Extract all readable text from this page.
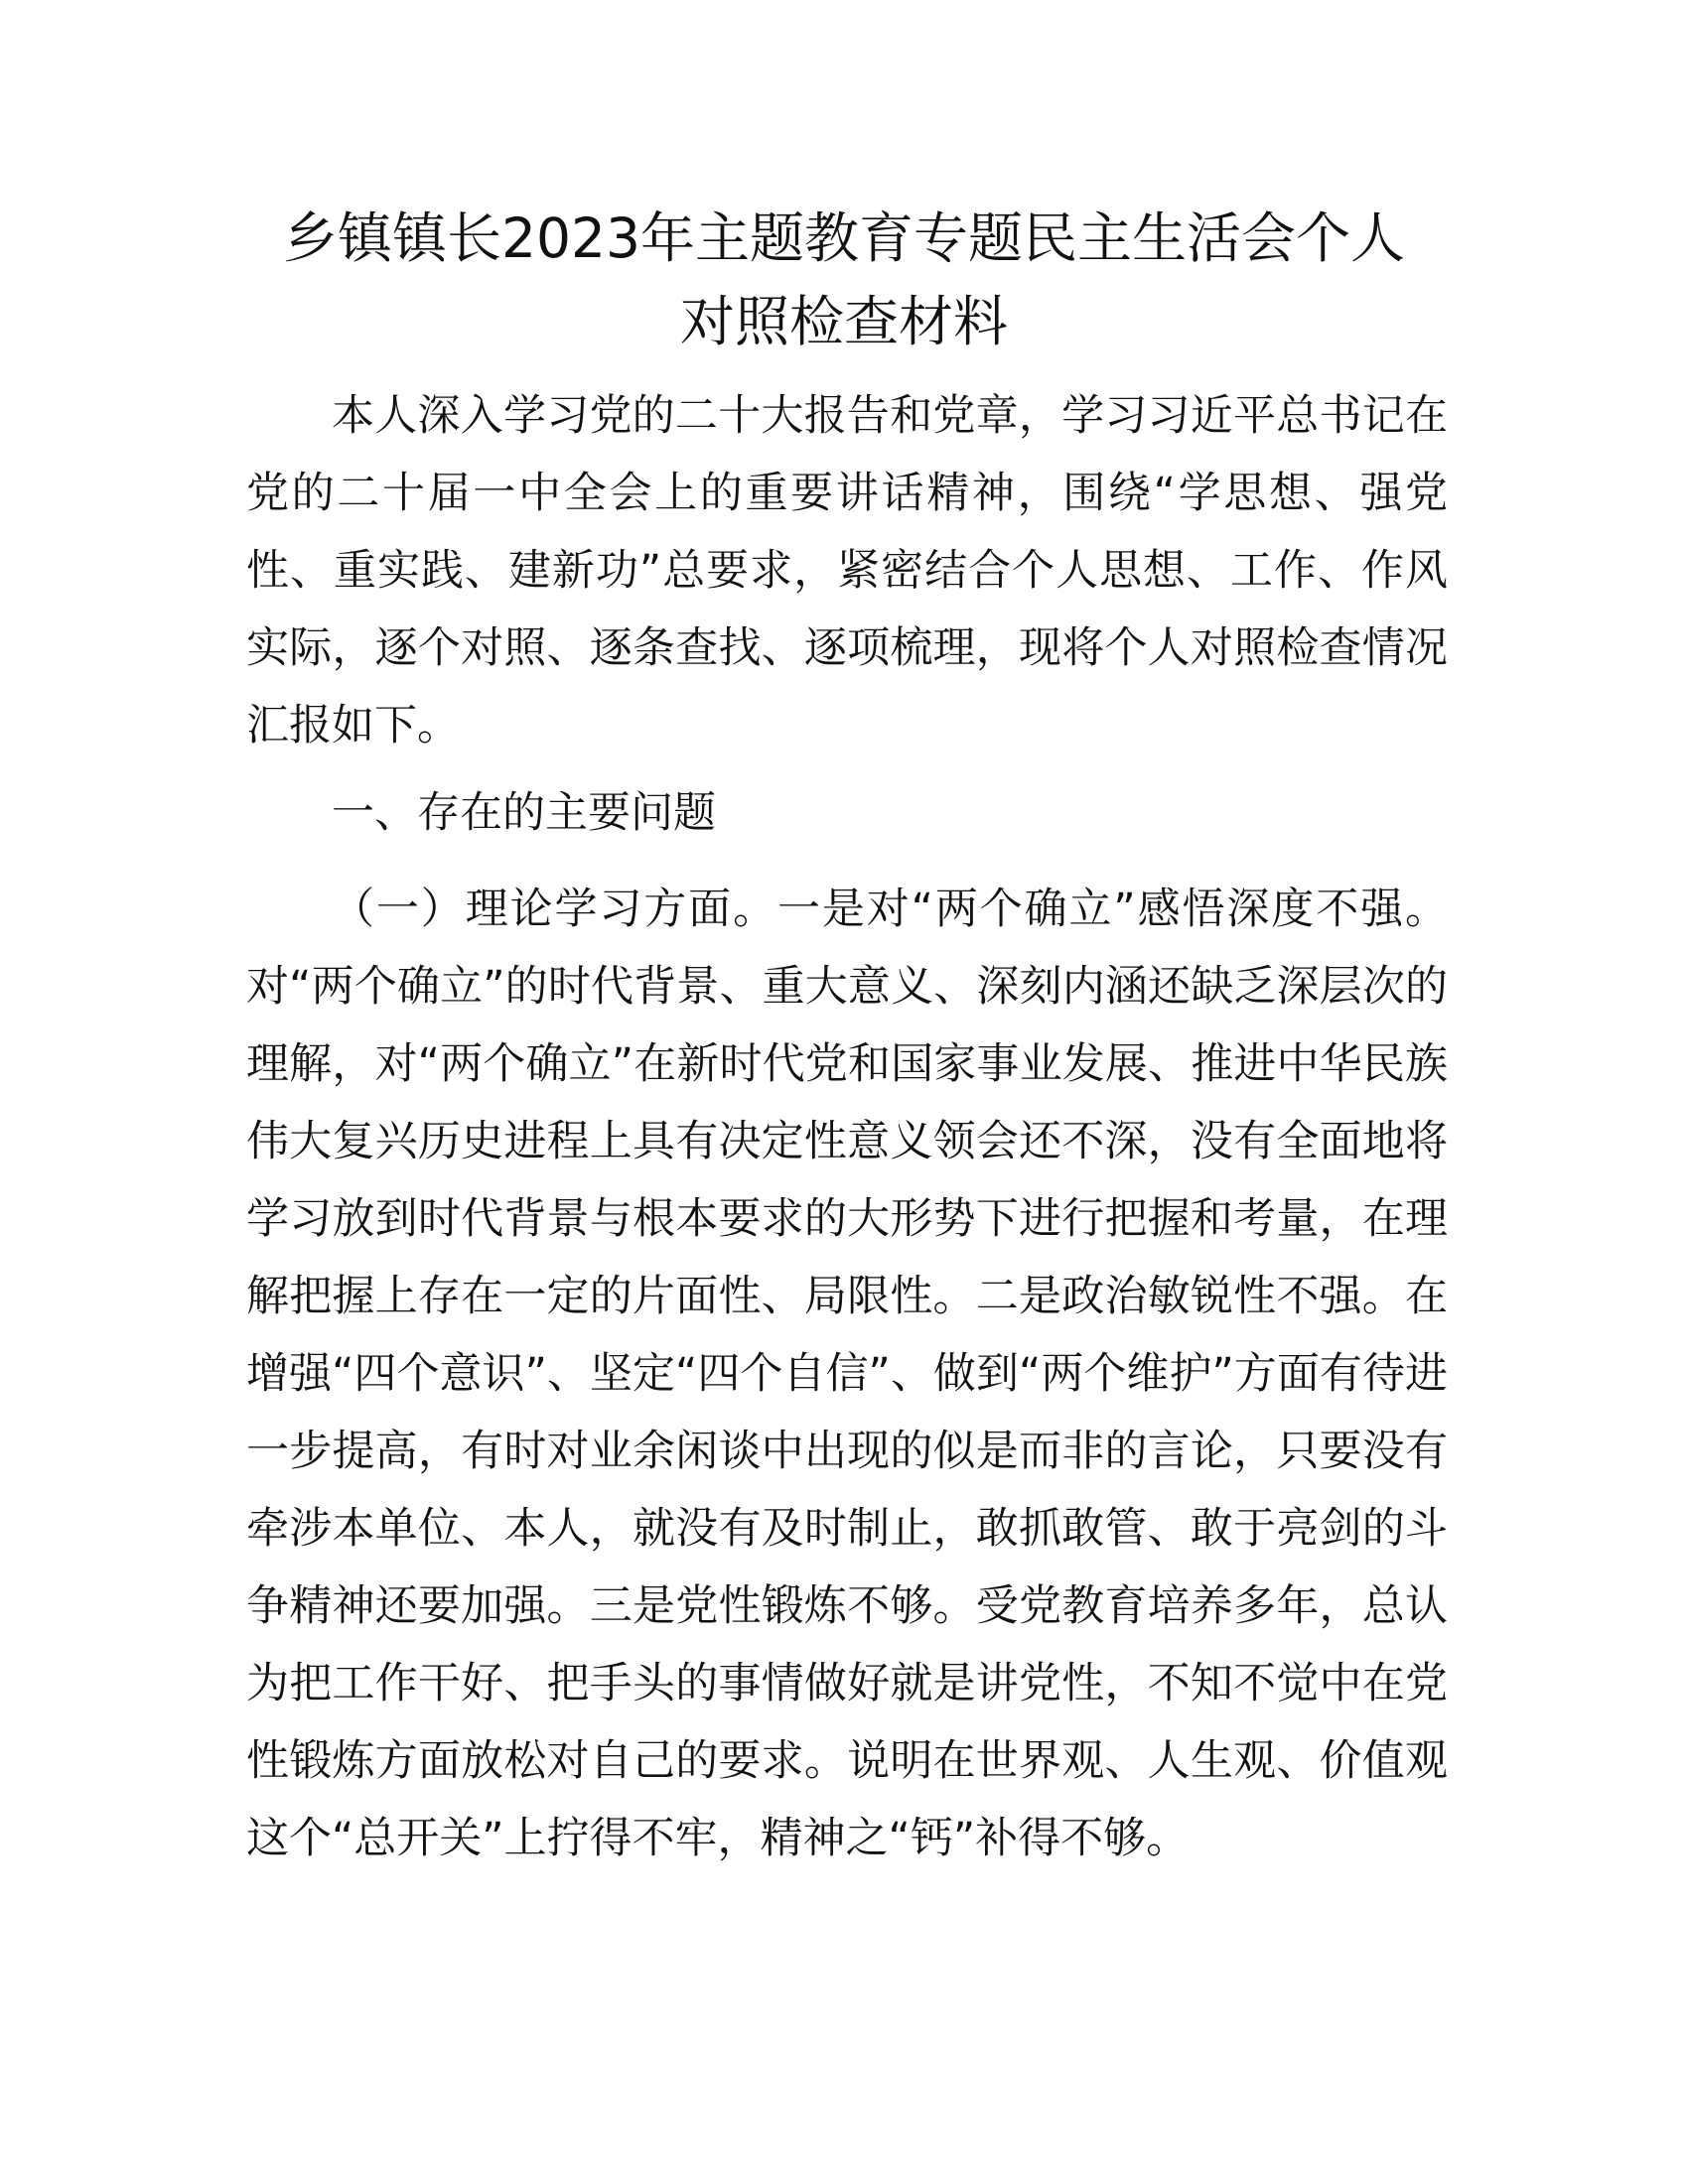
乡镇镇长2023年主题教育专题民主生活会个人
对照检查材料

本人深入学习党的二十大报告和党章，学习习近平总书记在党的二十届一中全会上的重要讲话精神，围绕“学思想、强党性、重实践、建新功”总要求，紧密结合个人思想、工作、作风实际，逐个对照、逐条查找、逐项梳理，现将个人对照检查情况汇报如下。

一、存在的主要问题

（一）理论学习方面。一是对“两个确立”感悟深度不强。对“两个确立”的时代背景、重大意义、深刻内涵还缺乏深层次的理解，对“两个确立”在新时代党和国家事业发展、推进中华民族伟大复兴历史进程上具有决定性意义领会还不深，没有全面地将学习放到时代背景与根本要求的大形势下进行把握和考量，在理解把握上存在一定的片面性、局限性。二是政治敏锐性不强。在增强“四个意识”、坚定“四个自信”、做到“两个维护”方面有待进一步提高，有时对业余闲谈中出现的似是而非的言论，只要没有牵涉本单位、本人，就没有及时制止，敢抓敢管、敢于亮剑的斗争精神还要加强。三是党性锻炼不够。受党教育培养多年，总认为把工作干好、把手头的事情做好就是讲党性，不知不觉中在党性锻炼方面放松对自己的要求。说明在世界观、人生观、价值观这个“总开关”上拧得不牢，精神之“钙”补得不够。
